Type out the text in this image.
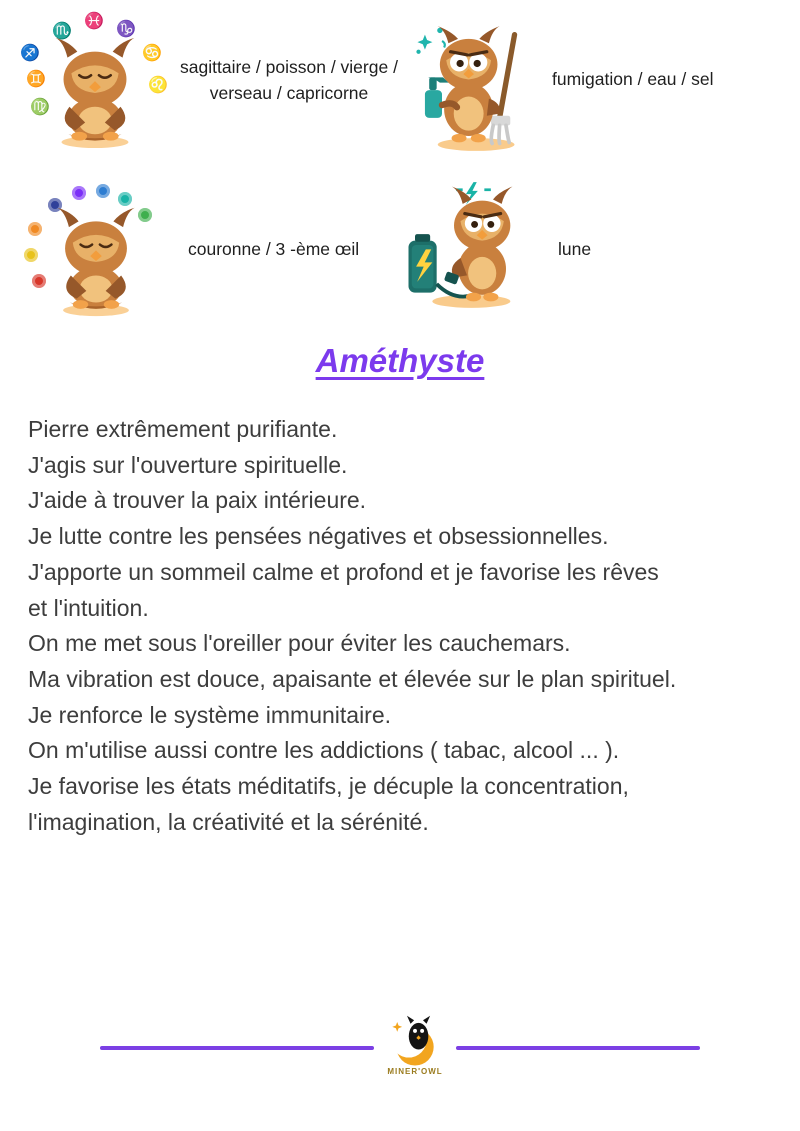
♏
♓ ♑
♋
♌
♊
♐
♍
sagittaire / poisson / vierge / verseau / capricorne
fumigation / eau / sel
couronne / 3 -ème œil	lune
Améthyste
Pierre extrêmement purifiante.
J'agis sur l'ouverture spirituelle.
J'aide à trouver la paix intérieure.
Je lutte contre les pensées négatives et obsessionnelles.
J'apporte un sommeil calme et profond et je favorise les rêves
et l'intuition.
On me met sous l'oreiller pour éviter les cauchemars.
Ma vibration est douce, apaisante et élevée sur le plan spirituel.
Je renforce le système immunitaire.
On m'utilise aussi contre les addictions ( tabac, alcool ... ).
Je favorise les états méditatifs, je décuple la concentration,
l'imagination, la créativité et la sérénité.
MINER'OWL
